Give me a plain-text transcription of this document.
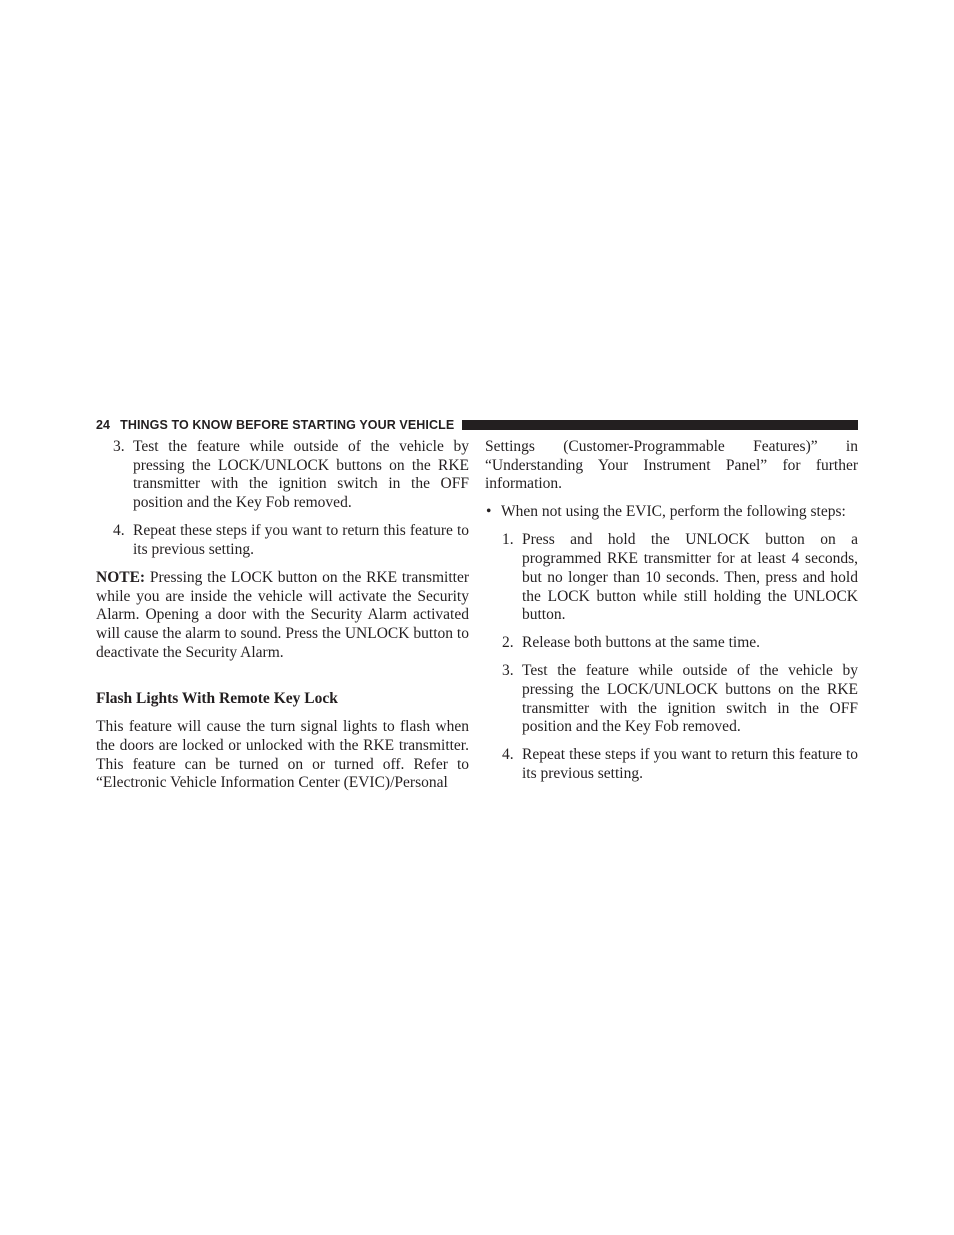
24 THINGS TO KNOW BEFORE STARTING YOUR VEHICLE
3. Test the feature while outside of the vehicle by pressing the LOCK/UNLOCK buttons on the RKE transmitter with the ignition switch in the OFF position and the Key Fob removed.
4. Repeat these steps if you want to return this feature to its previous setting.

NOTE: Pressing the LOCK button on the RKE transmitter while you are inside the vehicle will activate the Security Alarm. Opening a door with the Security Alarm activated will cause the alarm to sound. Press the UNLOCK button to deactivate the Security Alarm.

Flash Lights With Remote Key Lock

This feature will cause the turn signal lights to flash when the doors are locked or unlocked with the RKE transmitter. This feature can be turned on or turned off. Refer to “Electronic Vehicle Information Center (EVIC)/Personal

Settings (Customer-Programmable Features)” in “Understanding Your Instrument Panel” for further information.

• When not using the EVIC, perform the following steps:
1. Press and hold the UNLOCK button on a programmed RKE transmitter for at least 4 seconds, but no longer than 10 seconds. Then, press and hold the LOCK button while still holding the UNLOCK button.
2. Release both buttons at the same time.
3. Test the feature while outside of the vehicle by pressing the LOCK/UNLOCK buttons on the RKE transmitter with the ignition switch in the OFF position and the Key Fob removed.
4. Repeat these steps if you want to return this feature to its previous setting.
